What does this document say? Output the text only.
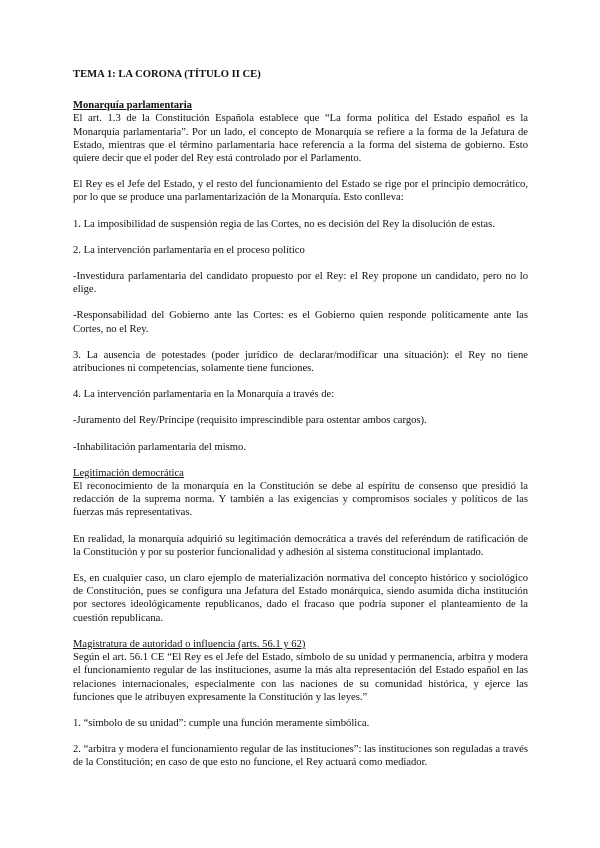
TEMA 1: LA CORONA (TÍTULO II CE)
Monarquía parlamentaria

El art. 1.3 de la Constitución Española establece que “La forma política del Estado español es la Monarquía parlamentaria”. Por un lado, el concepto de Monarquía se refiere a la forma de la Jefatura de Estado, mientras que el término parlamentaria hace referencia a la forma del sistema de gobierno. Esto quiere decir que el poder del Rey está controlado por el Parlamento.

El Rey es el Jefe del Estado, y el resto del funcionamiento del Estado se rige por el principio democrático, por lo que se produce una parlamentarización de la Monarquía. Esto conlleva:

1. La imposibilidad de suspensión regia de las Cortes, no es decisión del Rey la disolución de estas.

2. La intervención parlamentaria en el proceso político

-Investidura parlamentaria del candidato propuesto por el Rey: el Rey propone un candidato, pero no lo elige.

-Responsabilidad del Gobierno ante las Cortes: es el Gobierno quien responde políticamente ante las Cortes, no el Rey.

3. La ausencia de potestades (poder jurídico de declarar/modificar una situación): el Rey no tiene atribuciones ni competencias, solamente tiene funciones.

4. La intervención parlamentaria en la Monarquía a través de:

-Juramento del Rey/Príncipe (requisito imprescindible para ostentar ambos cargos).

-Inhabilitación parlamentaria del mismo.

Legitimación democrática

El reconocimiento de la monarquía en la Constitución se debe al espíritu de consenso que presidió la redacción de la suprema norma. Y también a las exigencias y compromisos sociales y políticos de las fuerzas más representativas.

En realidad, la monarquía adquirió su legitimación democrática a través del referéndum de ratificación de la Constitución y por su posterior funcionalidad y adhesión al sistema constitucional implantado.

Es, en cualquier caso, un claro ejemplo de materialización normativa del concepto histórico y sociológico de Constitución, pues se configura una Jefatura del Estado monárquica, siendo asumida dicha institución por sectores ideológicamente republicanos, dado el fracaso que podría suponer el planteamiento de la cuestión republicana.

Magistratura de autoridad o influencia (arts. 56.1 y 62)

Según el art. 56.1 CE “El Rey es el Jefe del Estado, símbolo de su unidad y permanencia, arbitra y modera el funcionamiento regular de las instituciones, asume la más alta representación del Estado español en las relaciones internacionales, especialmente con las naciones de su comunidad histórica, y ejerce las funciones que le atribuyen expresamente la Constitución y las leyes.”

1. “símbolo de su unidad”: cumple una función meramente simbólica.

2. “arbitra y modera el funcionamiento regular de las instituciones”: las instituciones son reguladas a través de la Constitución; en caso de que esto no funcione, el Rey actuará como mediador.
